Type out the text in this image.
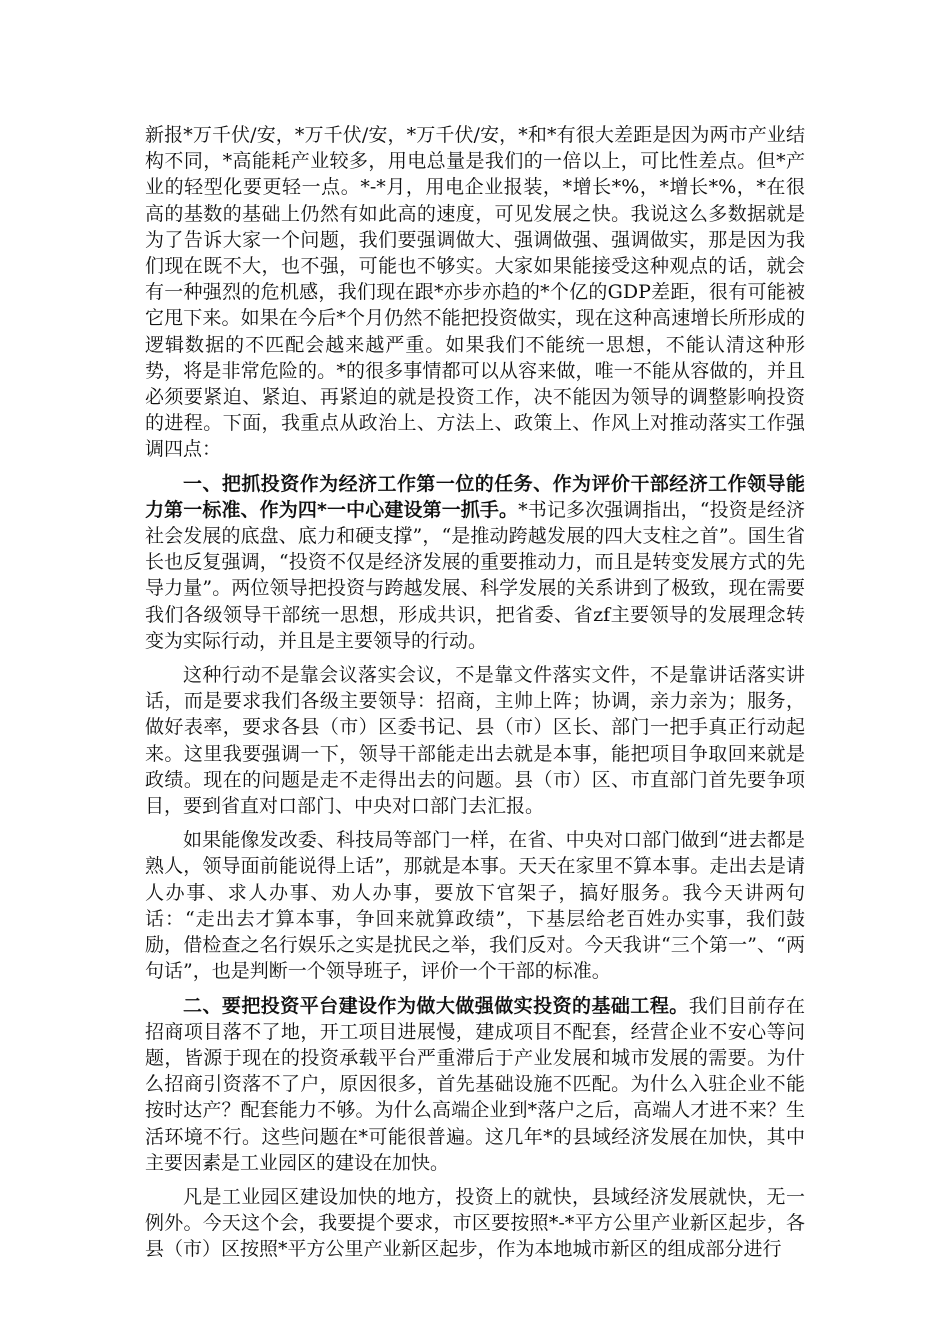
新报*万千伏/安，*万千伏/安，*万千伏/安，*和*有很大差距是因为两市产业结构不同，*高能耗产业较多，用电总量是我们的一倍以上，可比性差点。但*产业的轻型化要更轻一点。*-*月，用电企业报装，*增长*%，*增长*%，*在很高的基数的基础上仍然有如此高的速度，可见发展之快。我说这么多数据就是为了告诉大家一个问题，我们要强调做大、强调做强、强调做实，那是因为我们现在既不大，也不强，可能也不够实。大家如果能接受这种观点的话，就会有一种强烈的危机感，我们现在跟*亦步亦趋的*个亿的GDP差距，很有可能被它甩下来。如果在今后*个月仍然不能把投资做实，现在这种高速增长所形成的逻辑数据的不匹配会越来越严重。如果我们不能统一思想，不能认清这种形势，将是非常危险的。*的很多事情都可以从容来做，唯一不能从容做的，并且必须要紧迫、紧迫、再紧迫的就是投资工作，决不能因为领导的调整影响投资的进程。下面，我重点从政治上、方法上、政策上、作风上对推动落实工作强调四点：

一、把抓投资作为经济工作第一位的任务、作为评价干部经济工作领导能力第一标准、作为四*一中心建设第一抓手。*书记多次强调指出，“投资是经济社会发展的底盘、底力和硬支撑”，“是推动跨越发展的四大支柱之首”。国生省长也反复强调，“投资不仅是经济发展的重要推动力，而且是转变发展方式的先导力量”。两位领导把投资与跨越发展、科学发展的关系讲到了极致，现在需要我们各级领导干部统一思想，形成共识，把省委、省zf主要领导的发展理念转变为实际行动，并且是主要领导的行动。

这种行动不是靠会议落实会议，不是靠文件落实文件，不是靠讲话落实讲话，而是要求我们各级主要领导：招商，主帅上阵；协调，亲力亲为；服务，做好表率，要求各县（市）区委书记、县（市）区长、部门一把手真正行动起来。这里我要强调一下，领导干部能走出去就是本事，能把项目争取回来就是政绩。现在的问题是走不走得出去的问题。县（市）区、市直部门首先要争项目，要到省直对口部门、中央对口部门去汇报。

如果能像发改委、科技局等部门一样，在省、中央对口部门做到“进去都是熟人，领导面前能说得上话”，那就是本事。天天在家里不算本事。走出去是请人办事、求人办事、劝人办事，要放下官架子，搞好服务。我今天讲两句话：“走出去才算本事，争回来就算政绩”，下基层给老百姓办实事，我们鼓励，借检查之名行娱乐之实是扰民之举，我们反对。今天我讲“三个第一”、“两句话”，也是判断一个领导班子，评价一个干部的标准。

二、要把投资平台建设作为做大做强做实投资的基础工程。我们目前存在招商项目落不了地，开工项目进展慢，建成项目不配套，经营企业不安心等问题，皆源于现在的投资承载平台严重滞后于产业发展和城市发展的需要。为什么招商引资落不了户，原因很多，首先基础设施不匹配。为什么入驻企业不能按时达产？配套能力不够。为什么高端企业到*落户之后，高端人才进不来？生活环境不行。这些问题在*可能很普遍。这几年*的县域经济发展在加快，其中主要因素是工业园区的建设在加快。

凡是工业园区建设加快的地方，投资上的就快，县域经济发展就快，无一例外。今天这个会，我要提个要求，市区要按照*-*平方公里产业新区起步，各县（市）区按照*平方公里产业新区起步，作为本地城市新区的组成部分进行
